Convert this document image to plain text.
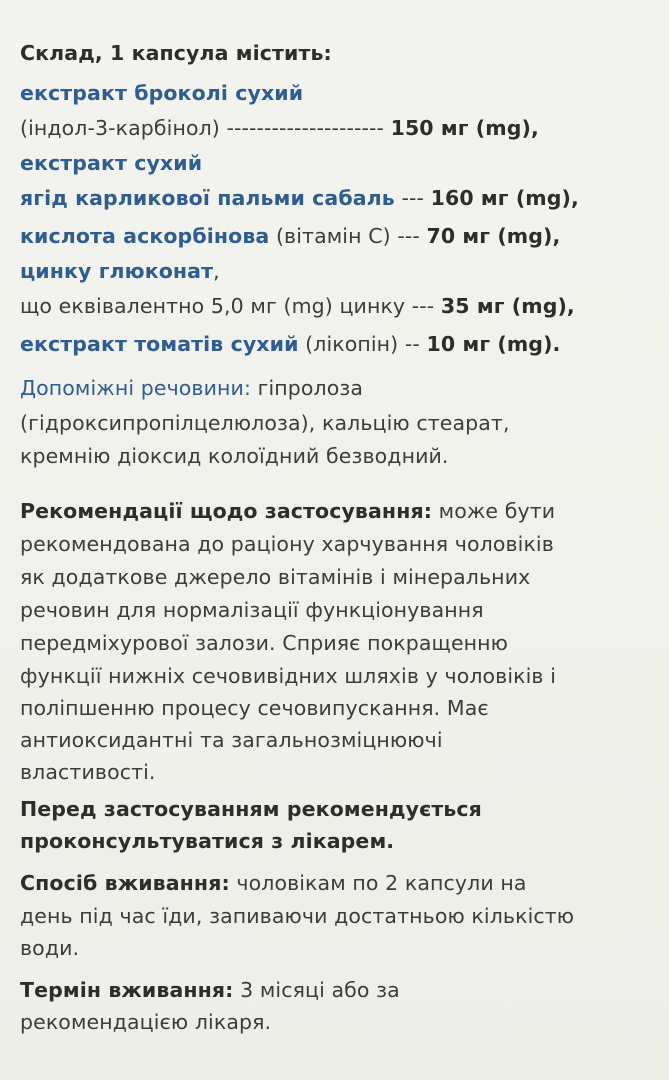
Склад, 1 капсула містить:
екстракт броколі сухий
(індол-3-карбінол) --------------------- 150 мг (mg),
екстракт сухий
ягід карликової пальми сабаль --- 160 мг (mg),
кислота аскорбінова (вітамін С) --- 70 мг (mg),
цинку глюконат,
що еквівалентно 5,0 мг (mg) цинку --- 35 мг (mg),
екстракт томатів сухий (лікопін) -- 10 мг (mg).
Допоміжні речовини: гіпролоза
(гідроксипропілцелюлоза), кальцію стеарат,
кремнію діоксид колоїдний безводний.
Рекомендації щодо застосування: може бути
рекомендована до раціону харчування чоловіків
як додаткове джерело вітамінів і мінеральних
речовин для нормалізації функціонування
передміхурової залози. Сприяє покращенню
функції нижніх сечовивідних шляхів у чоловіків і
поліпшенню процесу сечовипускання. Має
антиоксидантні та загальнозміцнюючі
властивості.
Перед застосуванням рекомендується
проконсультуватися з лікарем.
Спосіб вживання: чоловікам по 2 капсули на
день під час їди, запиваючи достатньою кількістю
води.
Термін вживання: 3 місяці або за
рекомендацією лікаря.
